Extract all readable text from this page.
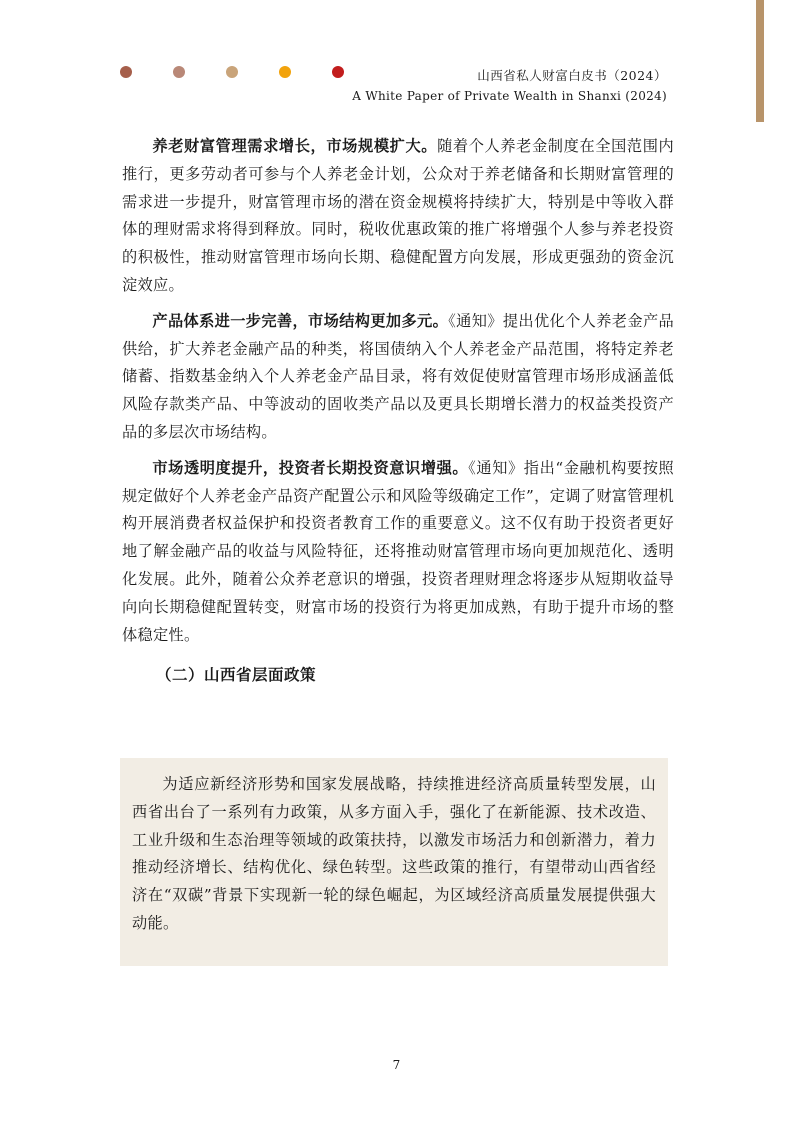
山西省私人财富白皮书（2024）
A White Paper of Private Wealth in Shanxi (2024)

养老财富管理需求增长，市场规模扩大。随着个人养老金制度在全国范围内推行，更多劳动者可参与个人养老金计划，公众对于养老储备和长期财富管理的需求进一步提升，财富管理市场的潜在资金规模将持续扩大，特别是中等收入群体的理财需求将得到释放。同时，税收优惠政策的推广将增强个人参与养老投资的积极性，推动财富管理市场向长期、稳健配置方向发展，形成更强劲的资金沉淀效应。

产品体系进一步完善，市场结构更加多元。《通知》提出优化个人养老金产品供给，扩大养老金融产品的种类，将国债纳入个人养老金产品范围，将特定养老储蓄、指数基金纳入个人养老金产品目录，将有效促使财富管理市场形成涵盖低风险存款类产品、中等波动的固收类产品以及更具长期增长潜力的权益类投资产品的多层次市场结构。

市场透明度提升，投资者长期投资意识增强。《通知》指出“金融机构要按照规定做好个人养老金产品资产配置公示和风险等级确定工作”，定调了财富管理机构开展消费者权益保护和投资者教育工作的重要意义。这不仅有助于投资者更好地了解金融产品的收益与风险特征，还将推动财富管理市场向更加规范化、透明化发展。此外，随着公众养老意识的增强，投资者理财理念将逐步从短期收益导向向长期稳健配置转变，财富市场的投资行为将更加成熟，有助于提升市场的整体稳定性。

（二）山西省层面政策

为适应新经济形势和国家发展战略，持续推进经济高质量转型发展，山西省出台了一系列有力政策，从多方面入手，强化了在新能源、技术改造、工业升级和生态治理等领域的政策扶持，以激发市场活力和创新潜力，着力推动经济增长、结构优化、绿色转型。这些政策的推行，有望带动山西省经济在“双碳”背景下实现新一轮的绿色崛起，为区域经济高质量发展提供强大动能。

7
